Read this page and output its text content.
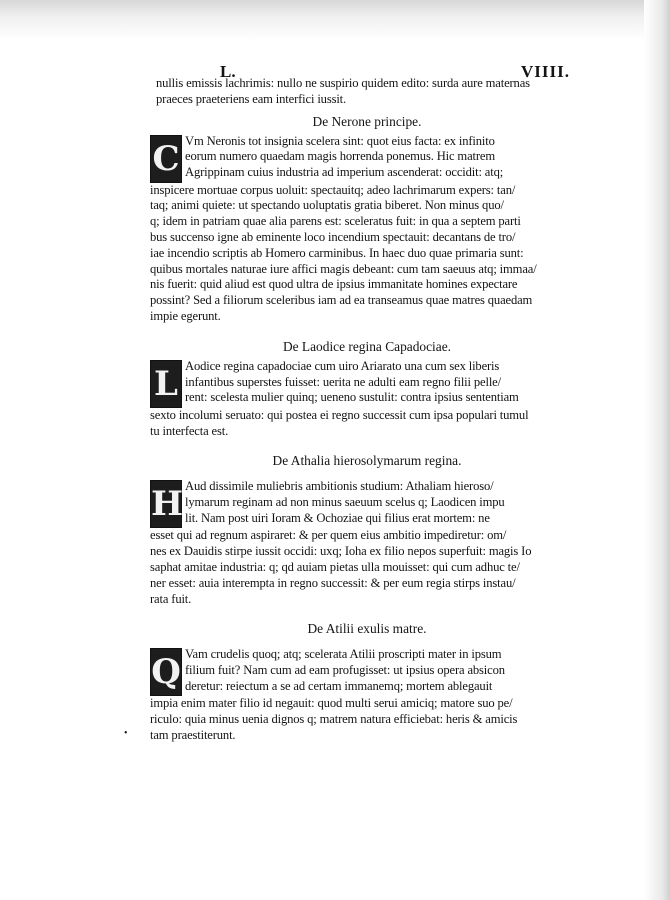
L.	VIIII.
nullis emissis lachrimis: nullo ne suspirio quidem edito: surda aure maternas
praeces praeteriens eam interfici iussit.
De Nerone principe.
C Vm Neronis tot insignia scelera sint: quot eius facta: ex infinito
eorum numero quaedam magis horrenda ponemus. Hic matrem
Agrippinam cuius industria ad imperium ascenderat: occidit: atq;
inspicere mortuae corpus uoluit: spectauitq; adeo lachrimarum expers: tan/
taq; animi quiete: ut spectando uoluptatis gratia biberet. Non minus quo/
q; idem in patriam quae alia parens est: sceleratus fuit: in qua a septem parti
bus succenso igne ab eminente loco incendium spectauit: decantans de tro/
iae incendio scriptis ab Homero carminibus. In haec duo quae primaria sunt:
quibus mortales naturae iure affici magis debeant: cum tam saeuus atq; immaa/
nis fuerit: quid aliud est quod ultra de ipsius immanitate homines expectare
possint? Sed a filiorum sceleribus iam ad ea transeamus quae matres quaedam
impie egerunt.
De Laodice regina Capadociae.
L Aodice regina capadociae cum uiro Ariarato una cum sex liberis
infantibus superstes fuisset: uerita ne adulti eam regno filii pelle/
rent: scelesta mulier quinq; ueneno sustulit: contra ipsius sententiam
sexto incolumi seruato: qui postea ei regno successit cum ipsa populari tumul
tu interfecta est.
De Athalia hierosolymarum regina.
H Aud dissimile muliebris ambitionis studium: Athaliam hieroso/
lymarum reginam ad non minus saeuum scelus q; Laodicen impu
lit. Nam post uiri Ioram & Ochoziae qui filius erat mortem: ne
esset qui ad regnum aspiraret: & per quem eius ambitio impediretur: om/
nes ex Dauidis stirpe iussit occidi: uxq; Ioha ex filio nepos superfuit: magis Io
saphat amitae industria: q; qd auiam pietas ulla mouisset: qui cum adhuc te/
ner esset: auia interempta in regno successit: & per eum regia stirps instau/
rata fuit.
De Atilii exulis matre.
Q Vam crudelis quoq; atq; scelerata Atilii proscripti mater in ipsum
filium fuit? Nam cum ad eam profugisset: ut ipsius opera absicon
deretur: reiectum a se ad certam immanemq; mortem ablegauit
impia enim mater filio id negauit: quod multi serui amiciq; matore suo pe/
riculo: quia minus uenia dignos q; matrem natura efficiebat: heris & amicis
• tam praestiterunt.
